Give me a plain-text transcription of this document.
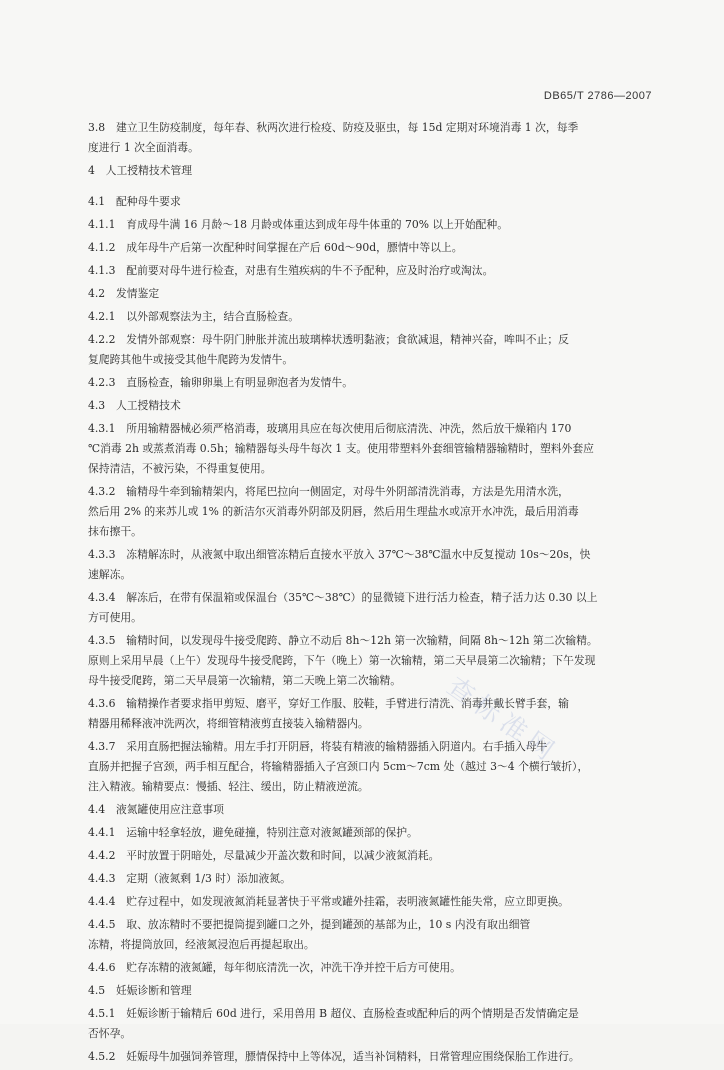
DB65/T 2786—2007
3.8　建立卫生防疫制度，每年春、秋两次进行检疫、防疫及驱虫，每 15d 定期对环境消毒 1 次，每季
度进行 1 次全面消毒。
4　人工授精技术管理
4.1　配种母牛要求
4.1.1　育成母牛满 16 月龄～18 月龄或体重达到成年母牛体重的 70% 以上开始配种。
4.1.2　成年母牛产后第一次配种时间掌握在产后 60d～90d，膘情中等以上。
4.1.3　配前要对母牛进行检查，对患有生殖疾病的牛不予配种，应及时治疗或淘汰。
4.2　发情鉴定
4.2.1　以外部观察法为主，结合直肠检查。
4.2.2　发情外部观察：母牛阴门肿胀并流出玻璃棒状透明黏液；食欲减退，精神兴奋，哞叫不止；反
复爬跨其他牛或接受其他牛爬跨为发情牛。
4.2.3　直肠检查，输卵卵巢上有明显卵泡者为发情牛。
4.3　人工授精技术
4.3.1　所用输精器械必须严格消毒，玻璃用具应在每次使用后彻底清洗、冲洗，然后放干燥箱内 170
℃消毒 2h 或蒸煮消毒 0.5h；输精器每头母牛每次 1 支。使用带塑料外套细管输精器输精时，塑料外套应
保持清洁，不被污染，不得重复使用。
4.3.2　输精母牛牵到输精架内，将尾巴拉向一侧固定，对母牛外阴部清洗消毒，方法是先用清水洗，
然后用 2% 的来苏儿或 1% 的新洁尔灭消毒外阴部及阴唇，然后用生理盐水或凉开水冲洗，最后用消毒
抹布擦干。
4.3.3　冻精解冻时，从液氮中取出细管冻精后直接水平放入 37℃～38℃温水中反复搅动 10s～20s，快
速解冻。
4.3.4　解冻后，在带有保温箱或保温台（35℃～38℃）的显微镜下进行活力检查，精子活力达 0.30 以上
方可使用。
4.3.5　输精时间，以发现母牛接受爬跨、静立不动后 8h～12h 第一次输精，间隔 8h～12h 第二次输精。
原则上采用早晨（上午）发现母牛接受爬跨，下午（晚上）第一次输精，第二天早晨第二次输精；下午发现
母牛接受爬跨，第二天早晨第一次输精，第二天晚上第二次输精。
4.3.6　输精操作者要求指甲剪短、磨平，穿好工作服、胶鞋，手臂进行清洗、消毒并戴长臂手套，输
精器用稀释液冲洗两次，将细管精液剪直接装入输精器内。
4.3.7　采用直肠把握法输精。用左手打开阴唇，将装有精液的输精器插入阴道内。右手插入母牛
直肠并把握子宫颈，两手相互配合，将输精器插入子宫颈口内 5cm～7cm 处（越过 3～4 个横行皱折），
注入精液。输精要点：慢插、轻注、缓出，防止精液逆流。
4.4　液氮罐使用应注意事项
4.4.1　运输中轻拿轻放，避免碰撞，特别注意对液氮罐颈部的保护。
4.4.2　平时放置于阴暗处，尽量减少开盖次数和时间，以减少液氮消耗。
4.4.3　定期（液氮剩 1/3 时）添加液氮。
4.4.4　贮存过程中，如发现液氮消耗显著快于平常或罐外挂霜，表明液氮罐性能失常，应立即更换。
4.4.5　取、放冻精时不要把提筒提到罐口之外，提到罐颈的基部为止，10 s 内没有取出细管
冻精，将提筒放回，经液氮浸泡后再提起取出。
4.4.6　贮存冻精的液氮罐，每年彻底清洗一次，冲洗干净并控干后方可使用。
4.5　妊娠诊断和管理
4.5.1　妊娠诊断于输精后 60d 进行，采用兽用 B 超仪、直肠检查或配种后的两个情期是否发情确定是
否怀孕。
4.5.2　妊娠母牛加强饲养管理，膘情保持中上等体况，适当补饲精料，日常管理应围绕保胎工作进行。
查标准网
